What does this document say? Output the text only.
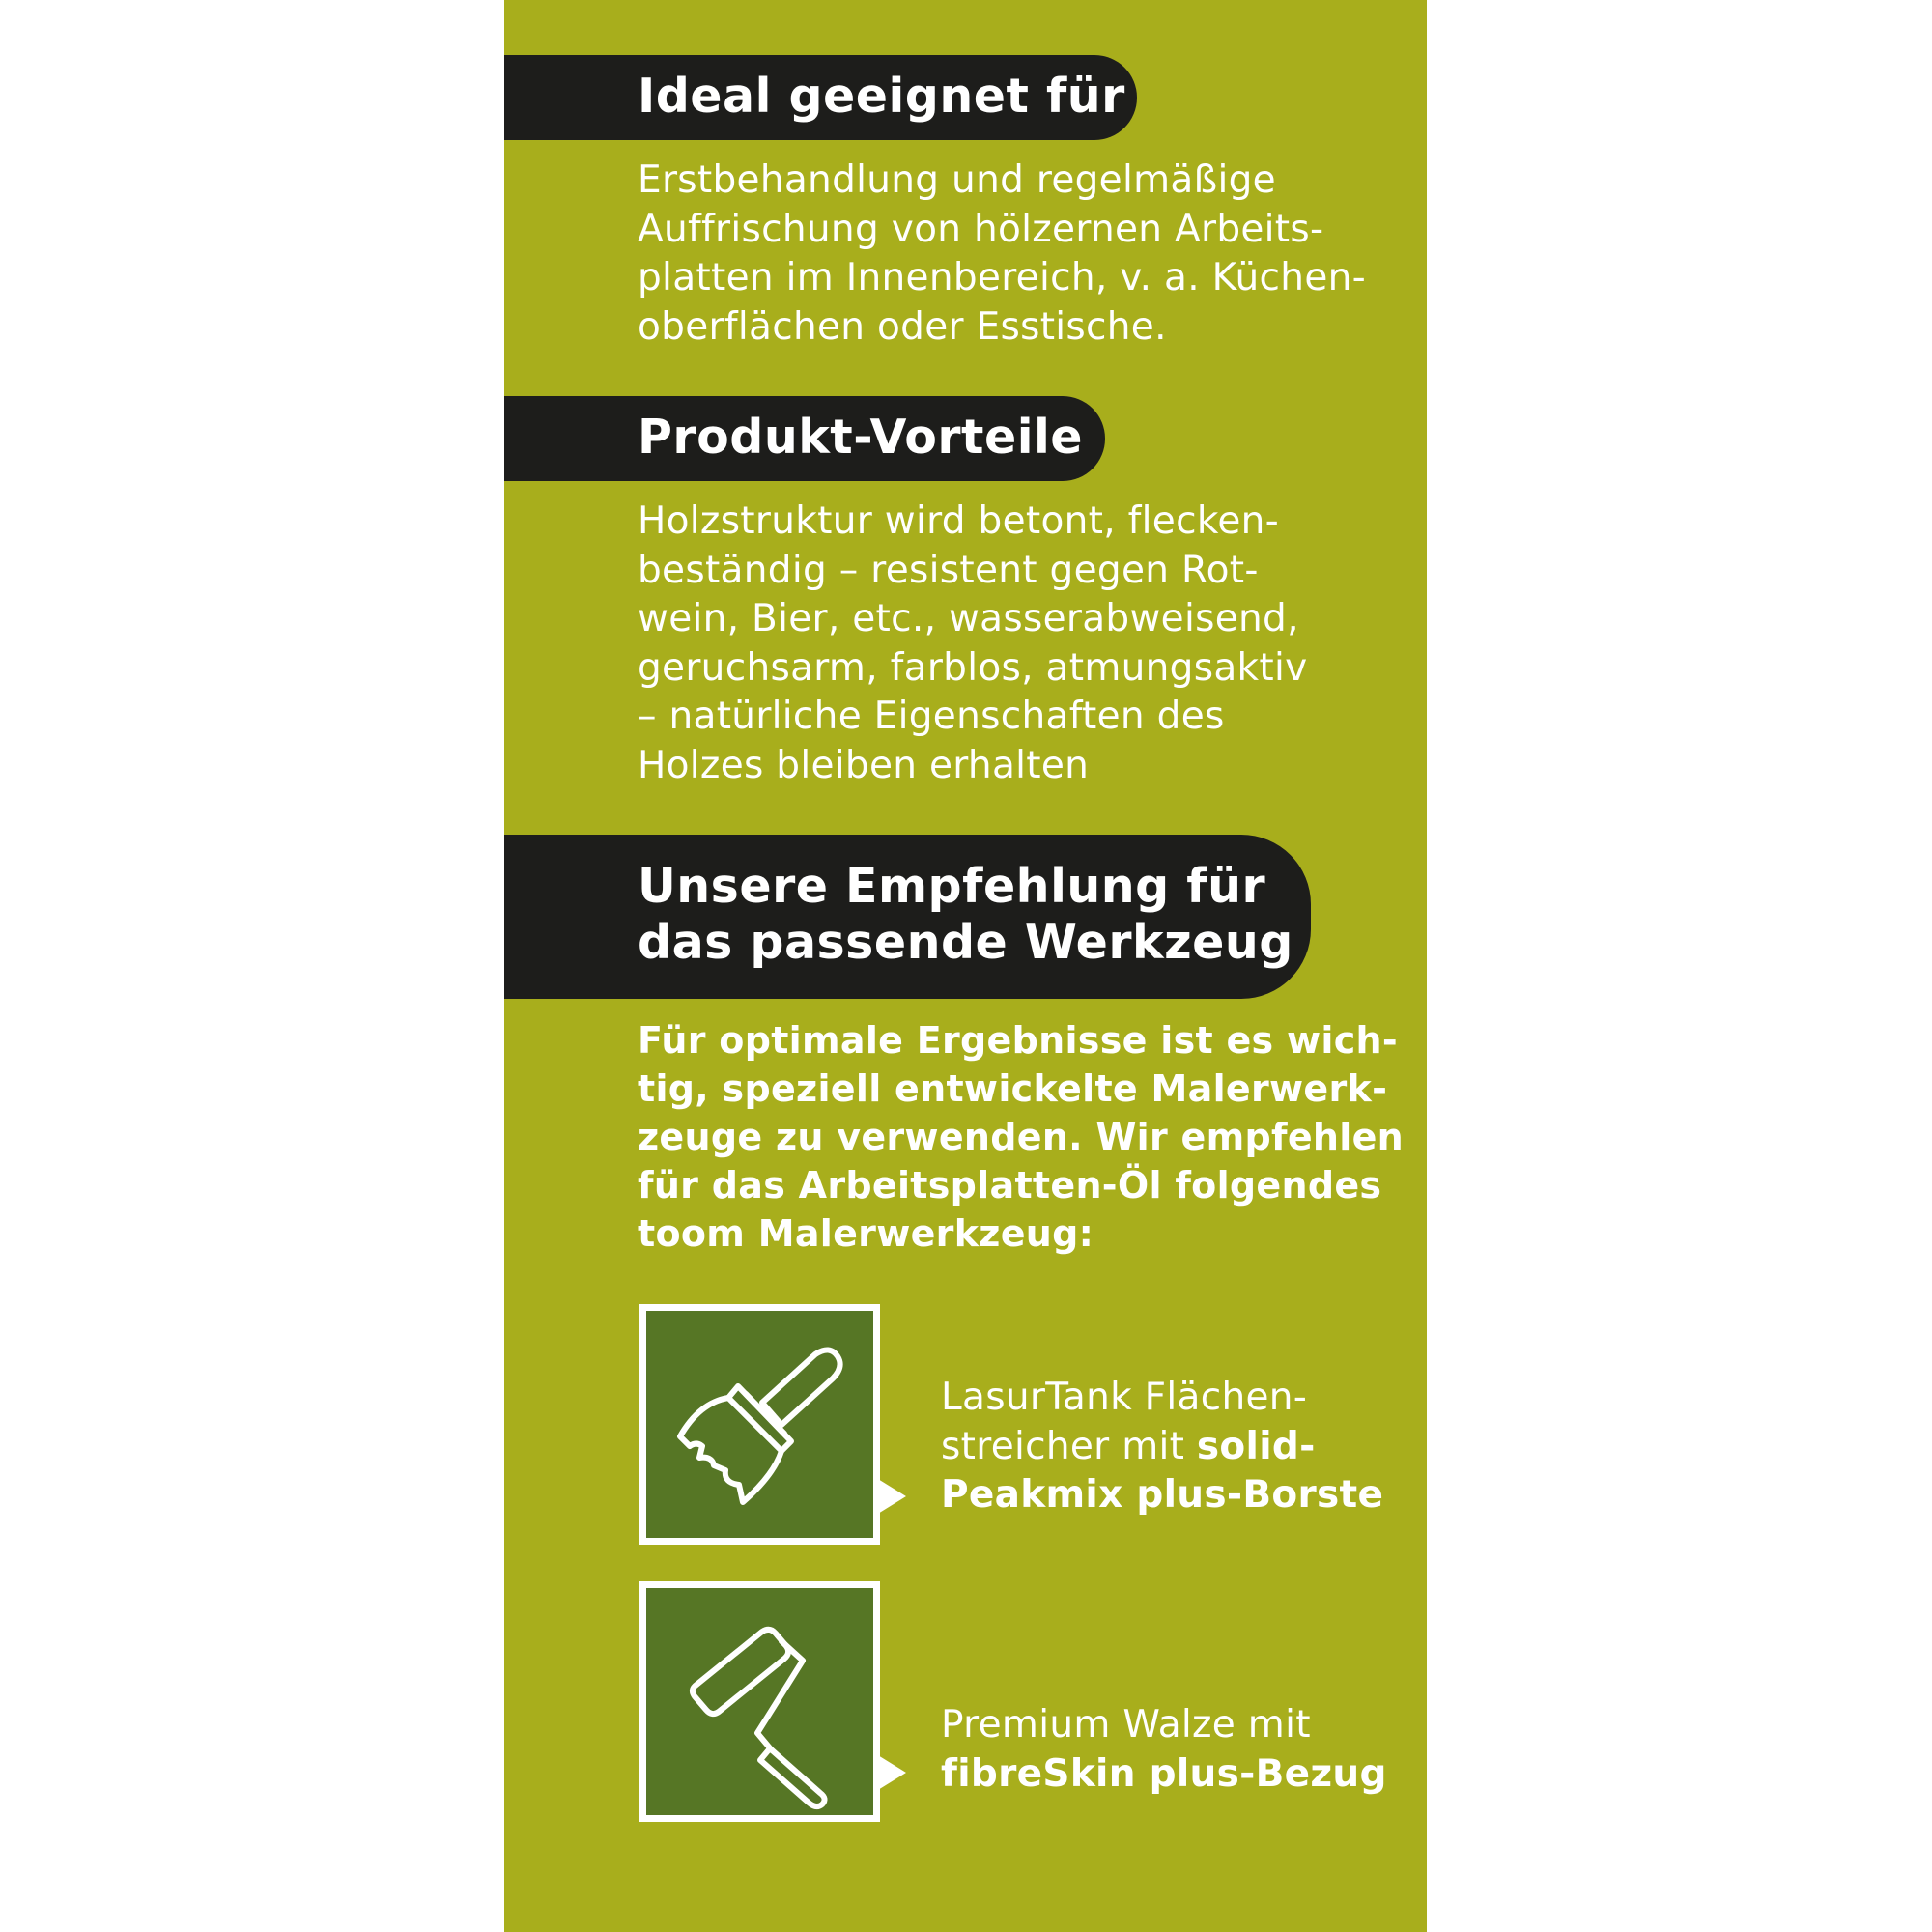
Ideal geeignet für
Erstbehandlung und regelmäßige
Auffrischung von hölzernen Arbeits-
platten im Innenbereich, v. a. Küchen-
oberflächen oder Esstische.
Produkt-Vorteile
Holzstruktur wird betont, flecken-
beständig – resistent gegen Rot-
wein, Bier, etc., wasserabweisend,
geruchsarm, farblos, atmungsaktiv
– natürliche Eigenschaften des
Holzes bleiben erhalten
Unsere Empfehlung für
das passende Werkzeug
Für optimale Ergebnisse ist es wich-
tig, speziell entwickelte Malerwerk-
zeuge zu verwenden. Wir empfehlen
für das Arbeitsplatten-Öl folgendes
toom Malerwerkzeug:
LasurTank Flächen-
streicher mit solid-
Peakmix plus-Borste
Premium Walze mit
fibreSkin plus-Bezug
